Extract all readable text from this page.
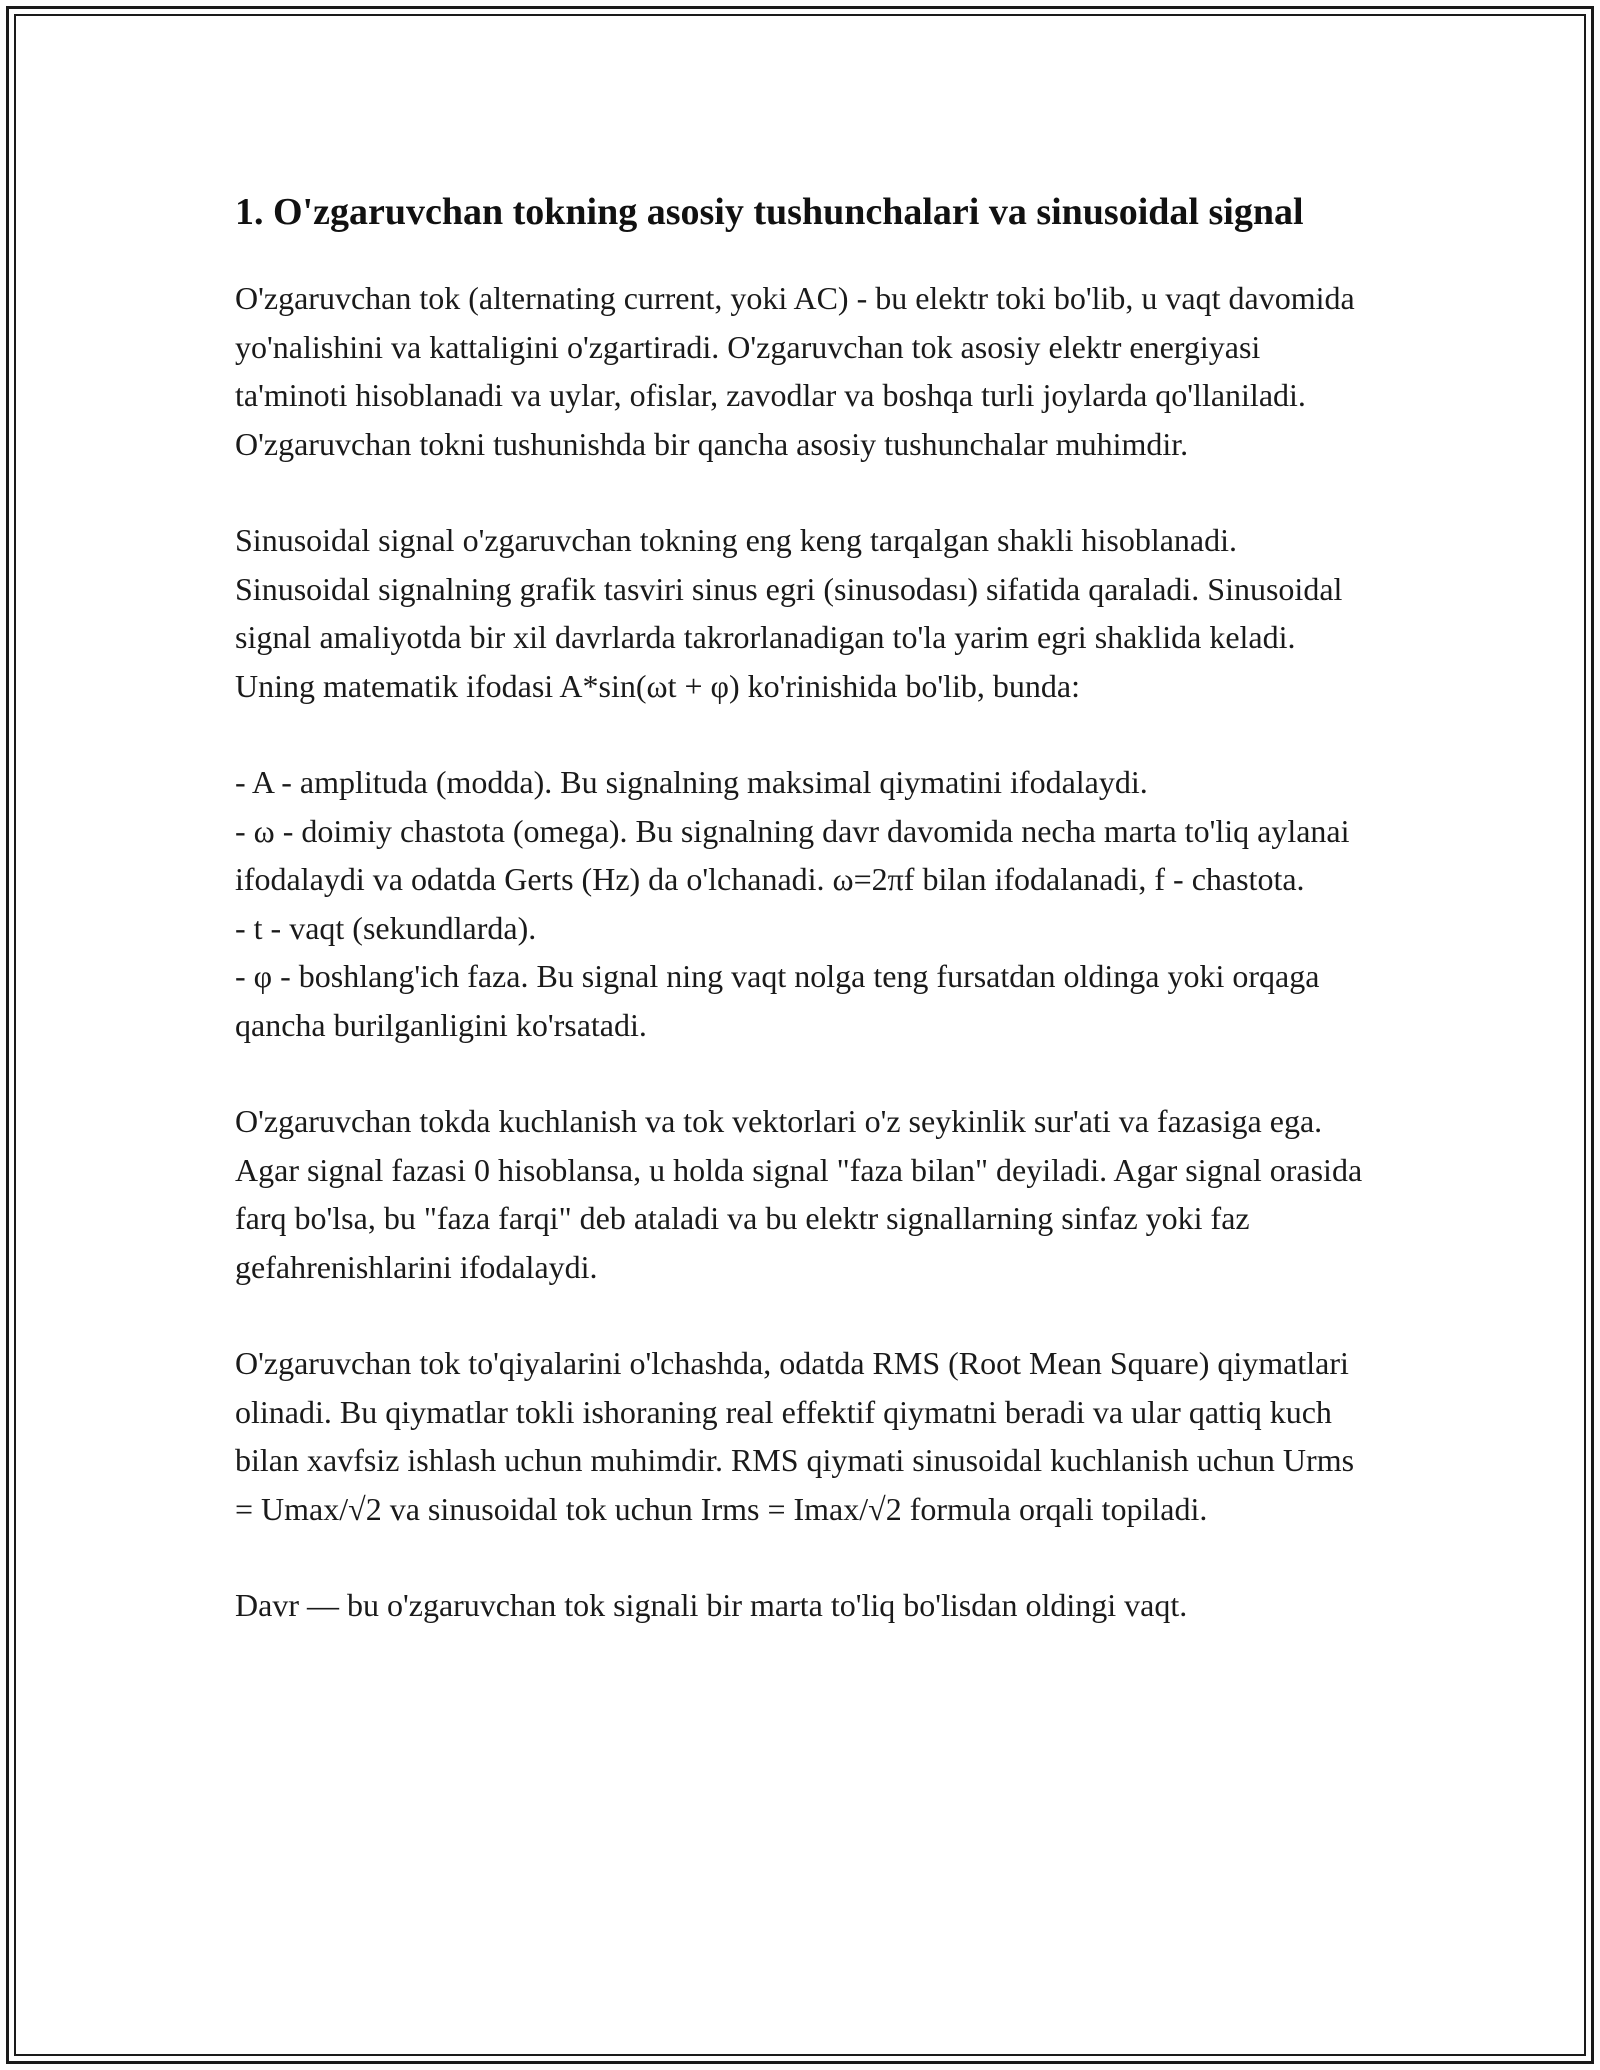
1. O'zgaruvchan tokning asosiy tushunchalari va sinusoidal signal

O'zgaruvchan tok (alternating current, yoki AC) - bu elektr toki bo'lib, u vaqt davomida yo'nalishini va kattaligini o'zgartiradi. O'zgaruvchan tok asosiy elektr energiyasi ta'minoti hisoblanadi va uylar, ofislar, zavodlar va boshqa turli joylarda qo'llaniladi. O'zgaruvchan tokni tushunishda bir qancha asosiy tushunchalar muhimdir.

Sinusoidal signal o'zgaruvchan tokning eng keng tarqalgan shakli hisoblanadi. Sinusoidal signalning grafik tasviri sinus egri (sinusodası) sifatida qaraladi. Sinusoidal signal amaliyotda bir xil davrlarda takrorlanadigan to'la yarim egri shaklida keladi. Uning matematik ifodasi A*sin(ωt + φ) ko'rinishida bo'lib, bunda:

- A - amplituda (modda). Bu signalning maksimal qiymatini ifodalaydi.
- ω - doimiy chastota (omega). Bu signalning davr davomida necha marta to'liq aylanai ifodalaydi va odatda Gerts (Hz) da o'lchanadi. ω=2πf bilan ifodalanadi, f - chastota.
- t - vaqt (sekundlarda).
- φ - boshlang'ich faza. Bu signal ning vaqt nolga teng fursatdan oldinga yoki orqaga qancha burilganligini ko'rsatadi.

O'zgaruvchan tokda kuchlanish va tok vektorlari o'z seykinlik sur'ati va fazasiga ega. Agar signal fazasi 0 hisoblansa, u holda signal "faza bilan" deyiladi. Agar signal orasida farq bo'lsa, bu "faza farqi" deb ataladi va bu elektr signallarning sinfaz yoki faz gefahrenishlarini ifodalaydi.

O'zgaruvchan tok to'qiyalarini o'lchashda, odatda RMS (Root Mean Square) qiymatlari olinadi. Bu qiymatlar tokli ishoraning real effektif qiymatni beradi va ular qattiq kuch bilan xavfsiz ishlash uchun muhimdir. RMS qiymati sinusoidal kuchlanish uchun Urms = Umax/√2 va sinusoidal tok uchun Irms = Imax/√2 formula orqali topiladi.

Davr — bu o'zgaruvchan tok signali bir marta to'liq bo'lisdan oldingi vaqt.
